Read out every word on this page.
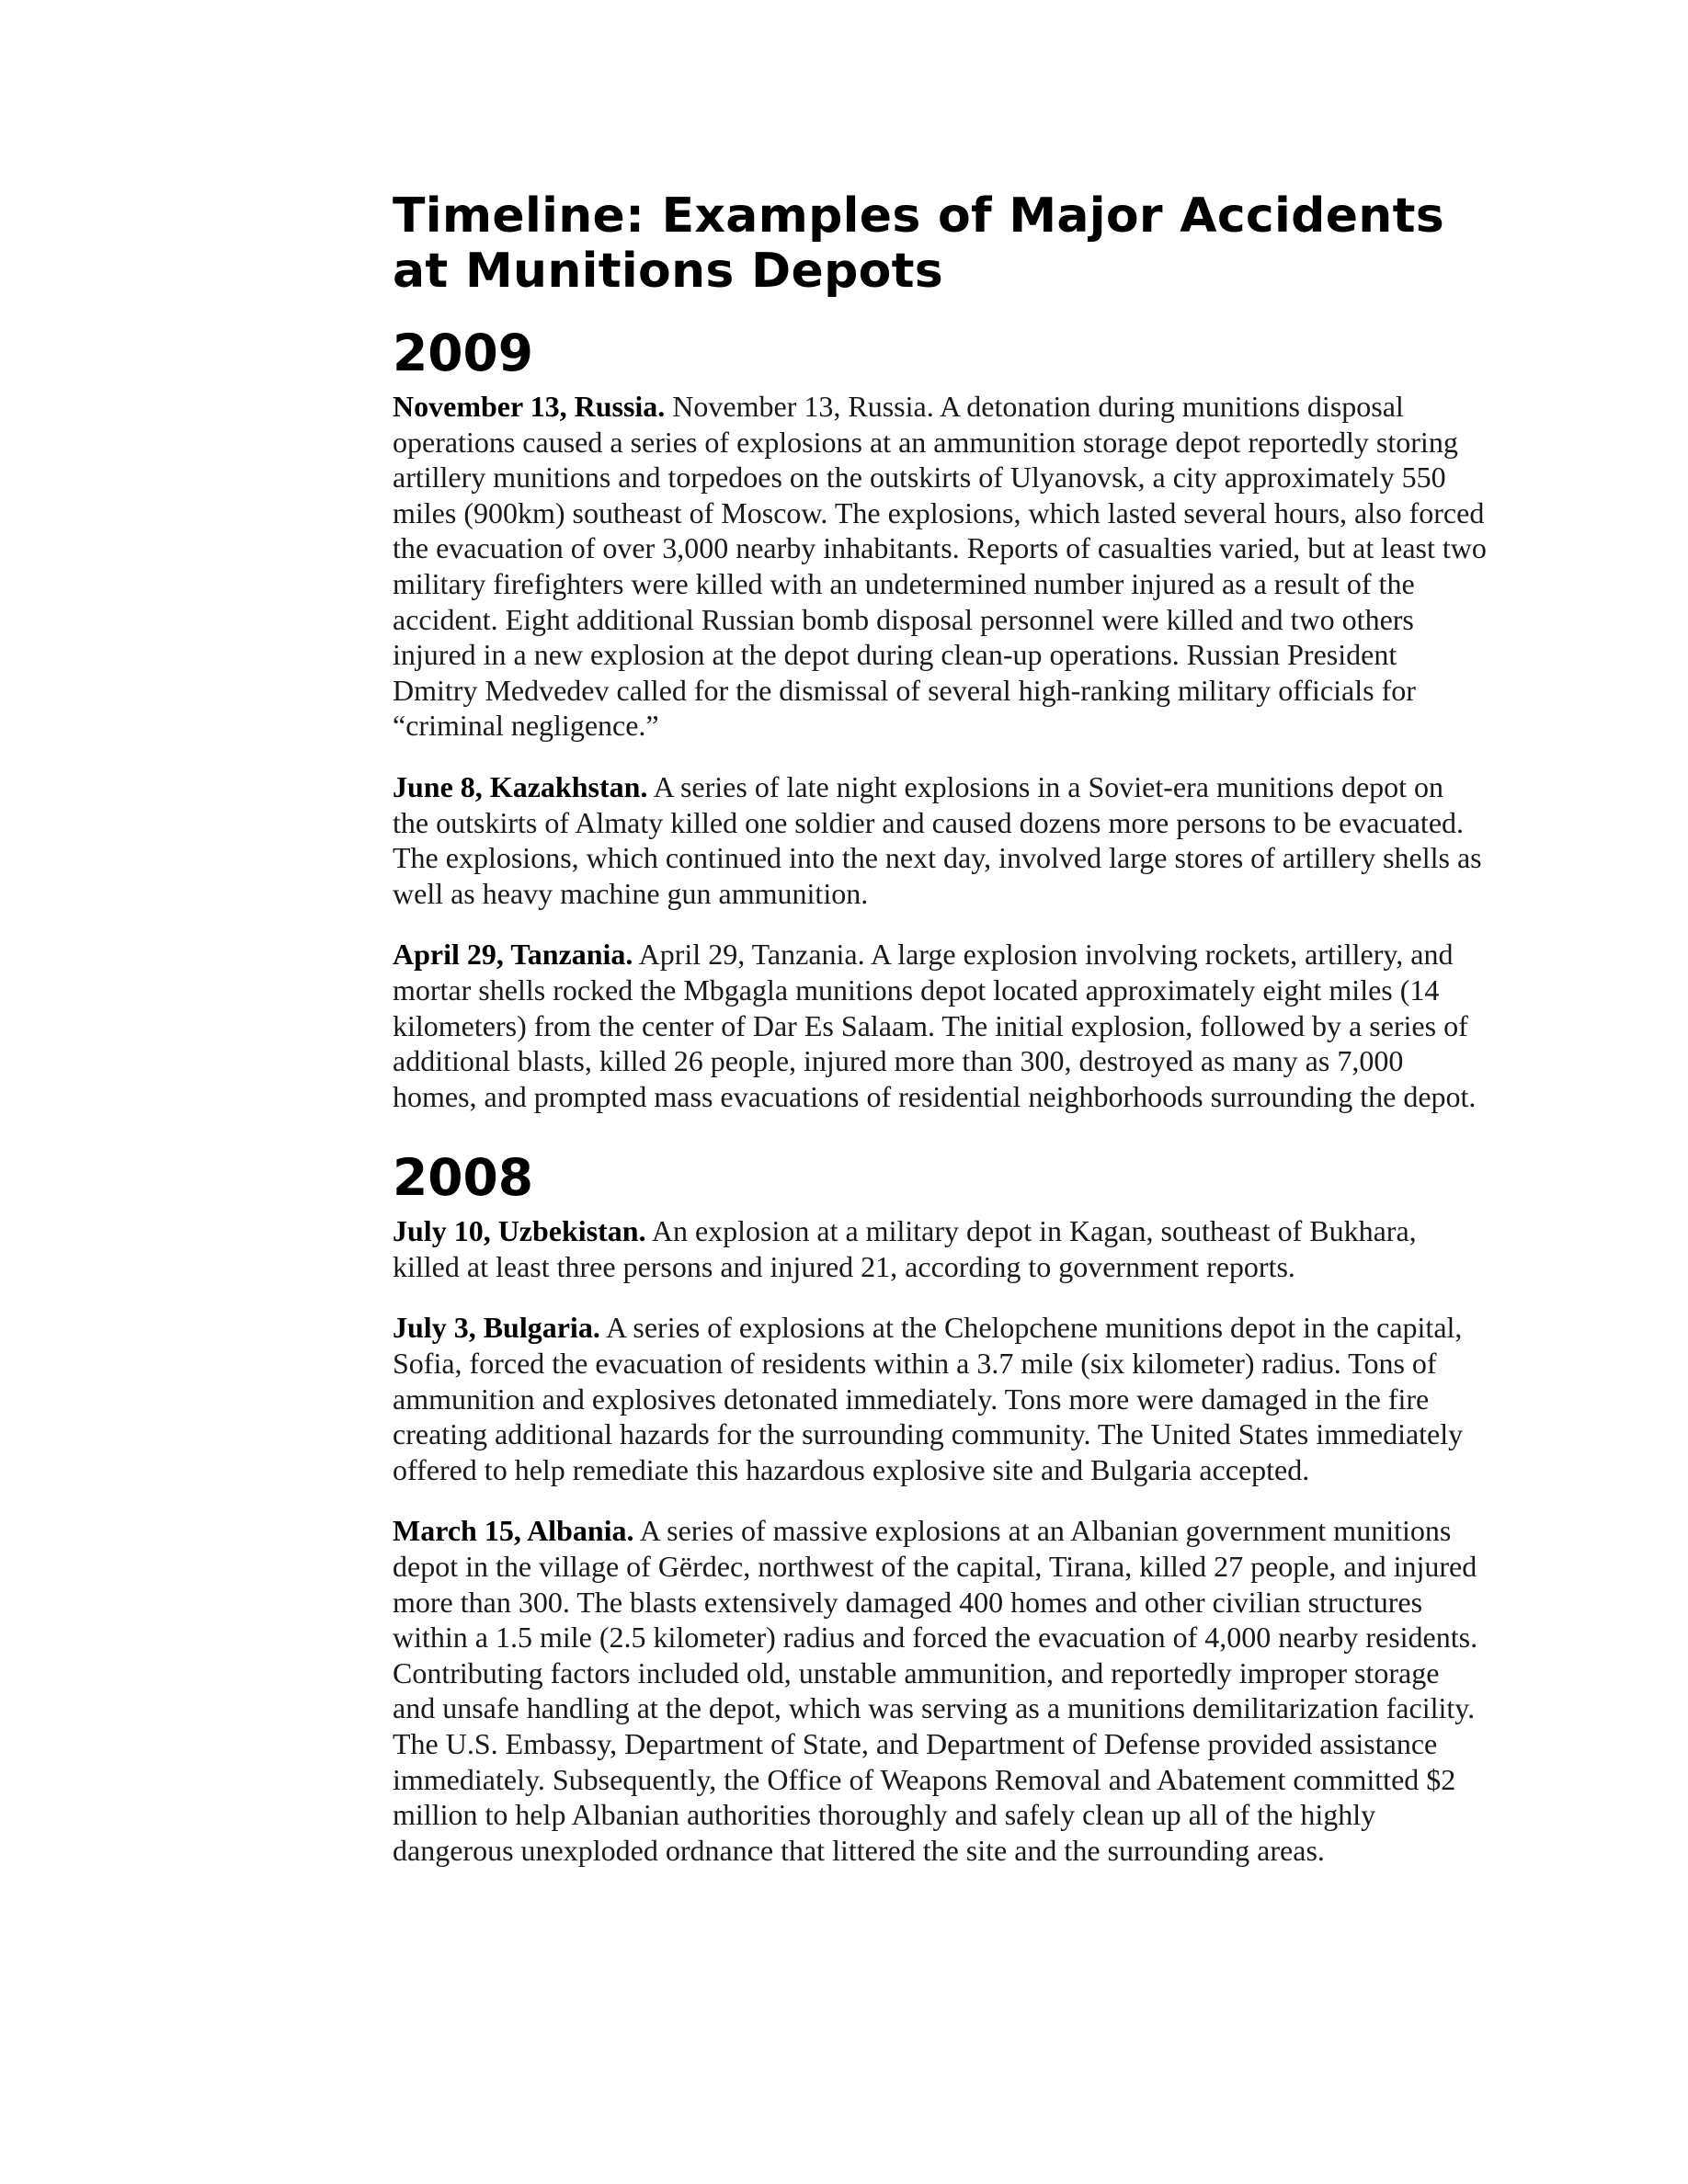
Timeline: Examples of Major Accidents at Munitions Depots
2009

November 13, Russia. November 13, Russia. A detonation during munitions disposal operations caused a series of explosions at an ammunition storage depot reportedly storing artillery munitions and torpedoes on the outskirts of Ulyanovsk, a city approximately 550 miles (900km) southeast of Moscow. The explosions, which lasted several hours, also forced the evacuation of over 3,000 nearby inhabitants. Reports of casualties varied, but at least two military firefighters were killed with an undetermined number injured as a result of the accident. Eight additional Russian bomb disposal personnel were killed and two others injured in a new explosion at the depot during clean-up operations. Russian President Dmitry Medvedev called for the dismissal of several high-ranking military officials for “criminal negligence.”

June 8, Kazakhstan. A series of late night explosions in a Soviet-era munitions depot on the outskirts of Almaty killed one soldier and caused dozens more persons to be evacuated. The explosions, which continued into the next day, involved large stores of artillery shells as well as heavy machine gun ammunition.

April 29, Tanzania. April 29, Tanzania. A large explosion involving rockets, artillery, and mortar shells rocked the Mbgagla munitions depot located approximately eight miles (14 kilometers) from the center of Dar Es Salaam. The initial explosion, followed by a series of additional blasts, killed 26 people, injured more than 300, destroyed as many as 7,000 homes, and prompted mass evacuations of residential neighborhoods surrounding the depot.

2008

July 10, Uzbekistan. An explosion at a military depot in Kagan, southeast of Bukhara, killed at least three persons and injured 21, according to government reports.

July 3, Bulgaria. A series of explosions at the Chelopchene munitions depot in the capital, Sofia, forced the evacuation of residents within a 3.7 mile (six kilometer) radius. Tons of ammunition and explosives detonated immediately. Tons more were damaged in the fire creating additional hazards for the surrounding community. The United States immediately offered to help remediate this hazardous explosive site and Bulgaria accepted.

March 15, Albania. A series of massive explosions at an Albanian government munitions depot in the village of Gërdec, northwest of the capital, Tirana, killed 27 people, and injured more than 300. The blasts extensively damaged 400 homes and other civilian structures within a 1.5 mile (2.5 kilometer) radius and forced the evacuation of 4,000 nearby residents. Contributing factors included old, unstable ammunition, and reportedly improper storage and unsafe handling at the depot, which was serving as a munitions demilitarization facility. The U.S. Embassy, Department of State, and Department of Defense provided assistance immediately. Subsequently, the Office of Weapons Removal and Abatement committed $2 million to help Albanian authorities thoroughly and safely clean up all of the highly dangerous unexploded ordnance that littered the site and the surrounding areas.
